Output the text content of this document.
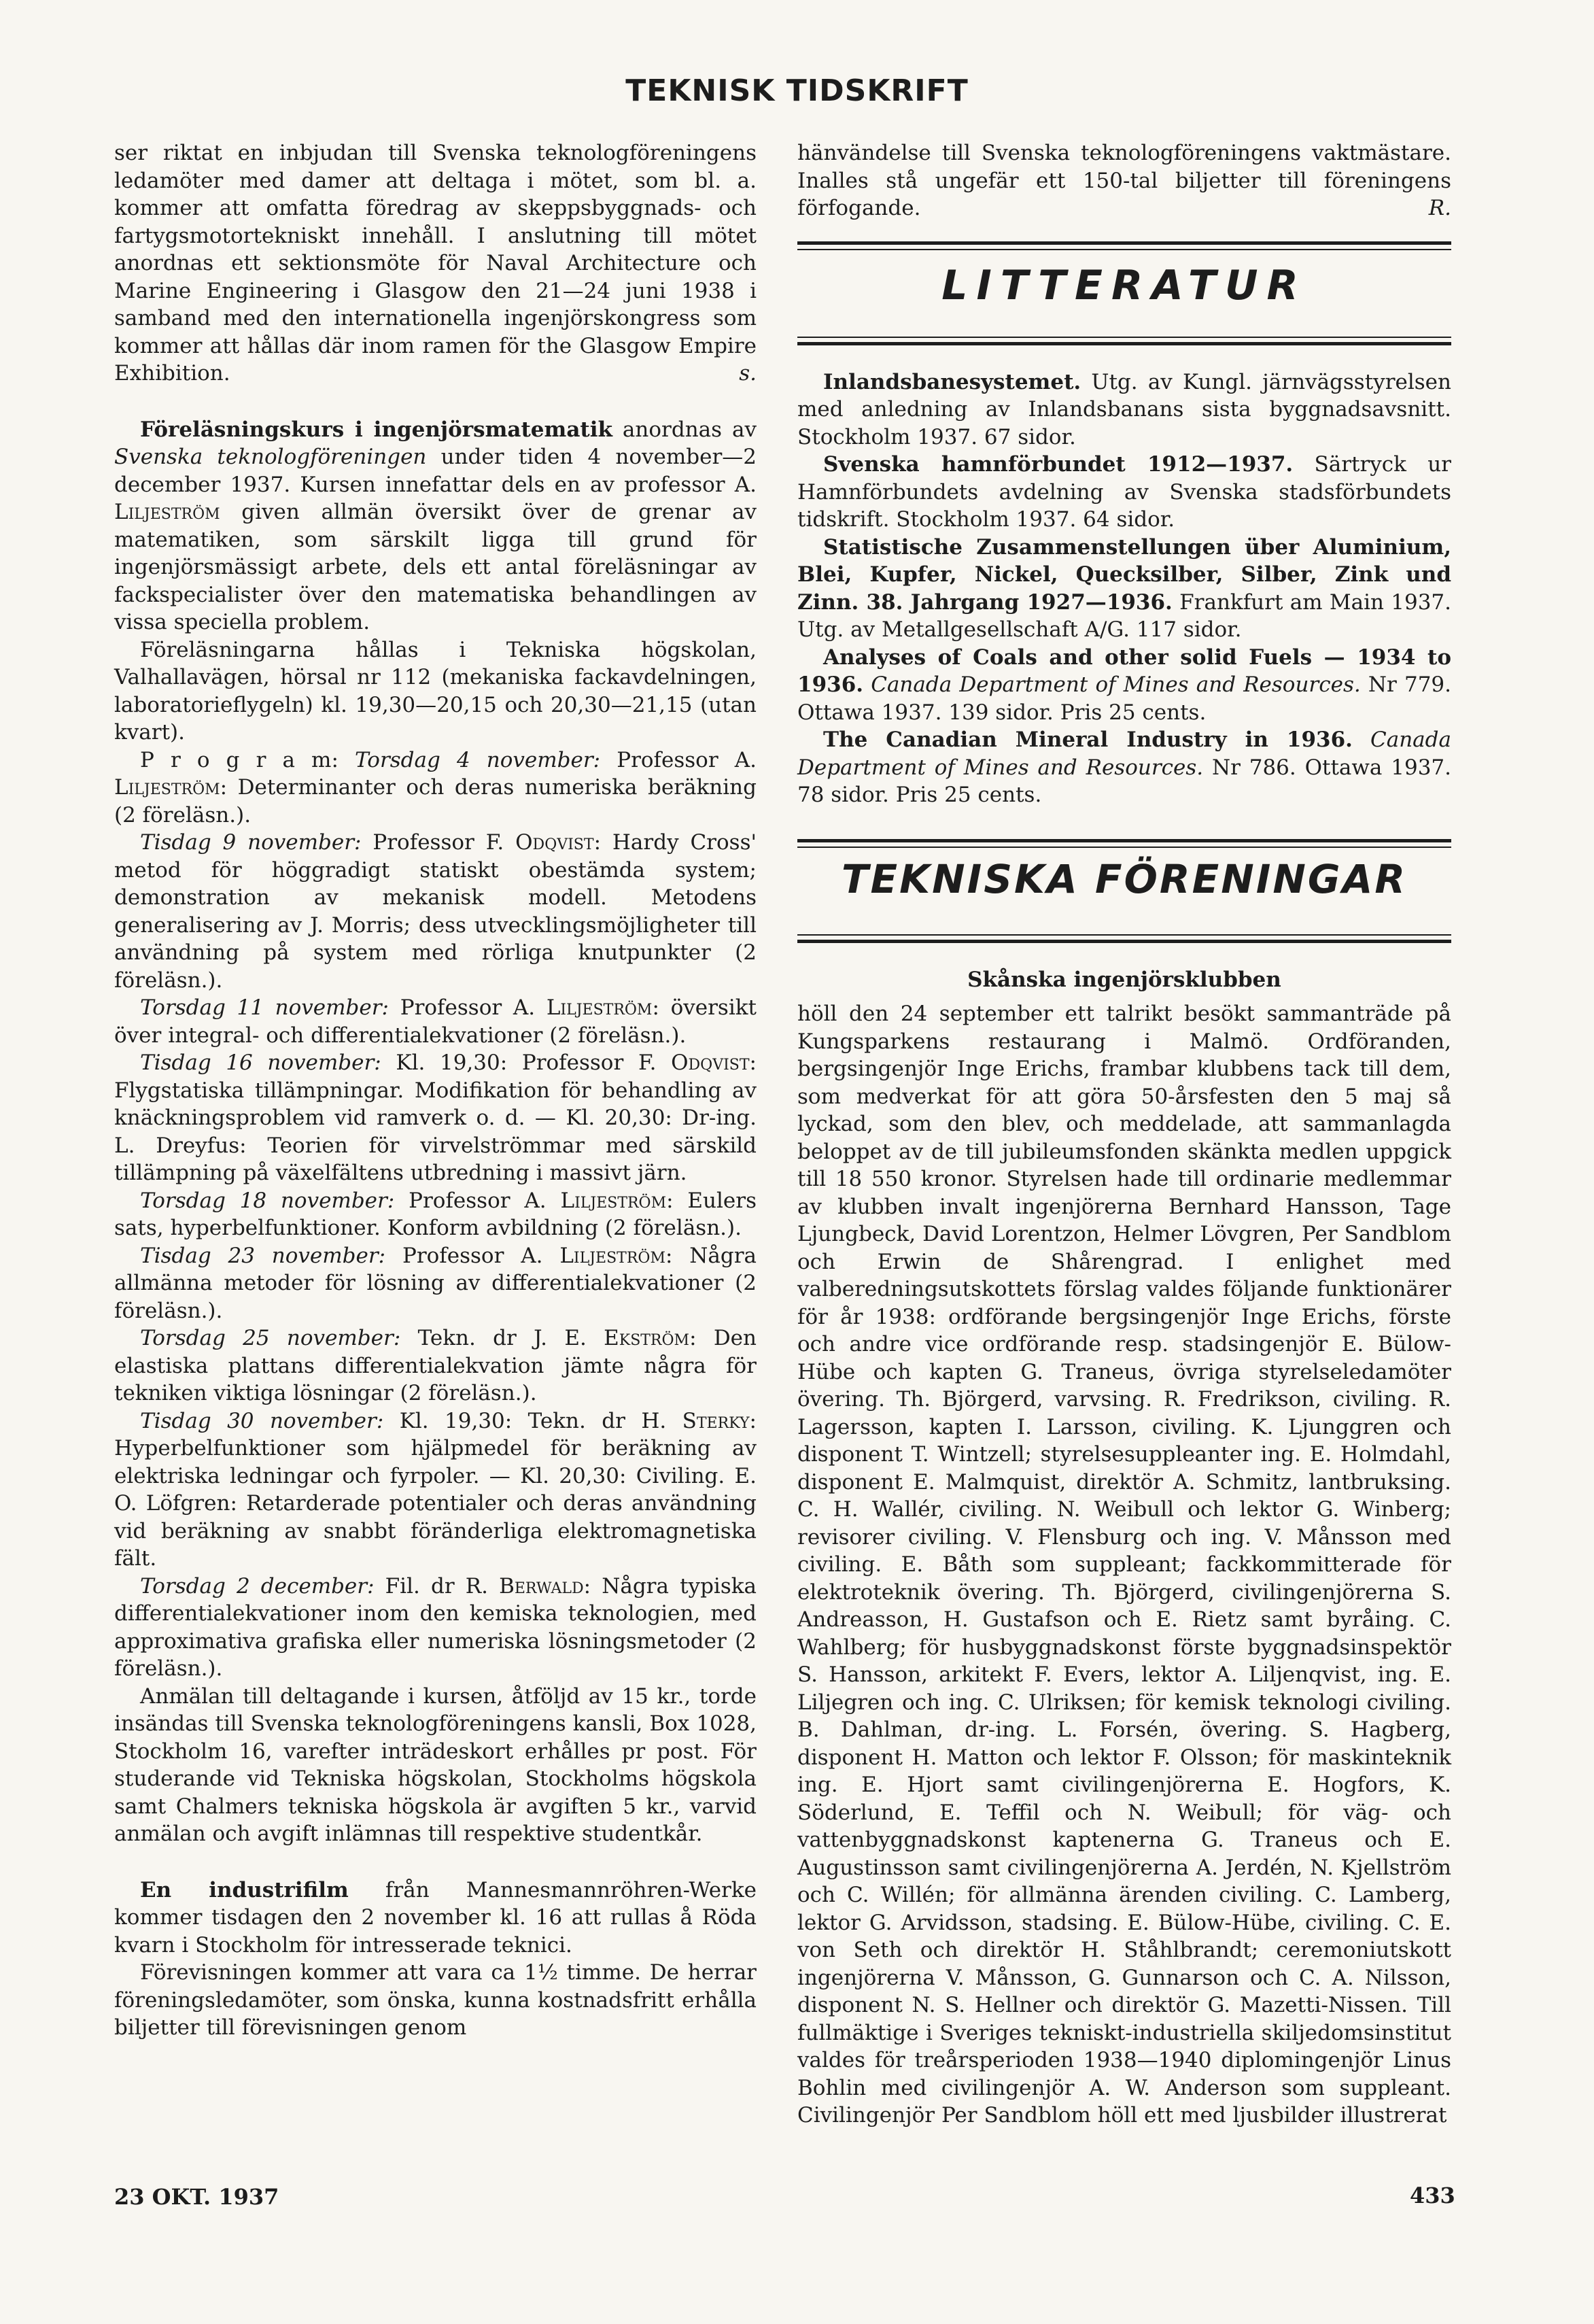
TEKNISK TIDSKRIFT

ser riktat en inbjudan till Svenska teknologföreningens ledamöter med damer att deltaga i mötet, som bl. a. kommer att omfatta föredrag av skeppsbyggnads- och fartygsmotortekniskt innehåll. I anslutning till mötet anordnas ett sektionsmöte för Naval Architecture och Marine Engineering i Glasgow den 21—24 juni 1938 i samband med den internationella ingenjörskongress som kommer att hållas där inom ramen för the Glasgow Empire Exhibition.	s.

Föreläsningskurs i ingenjörsmatematik anordnas av Svenska teknologföreningen under tiden 4 november—2 december 1937. Kursen innefattar dels en av professor A. Liljeström given allmän översikt över de grenar av matematiken, som särskilt ligga till grund för ingenjörsmässigt arbete, dels ett antal föreläsningar av fackspecialister över den matematiska behandlingen av vissa speciella problem.

Föreläsningarna hållas i Tekniska högskolan, Valhallavägen, hörsal nr 112 (mekaniska fackavdelningen, laboratorieflygeln) kl. 19,30—20,15 och 20,30—21,15 (utan kvart).

P r o g r a m: Torsdag 4 november: Professor A. Liljeström: Determinanter och deras numeriska beräkning (2 föreläsn.).

Tisdag 9 november: Professor F. Odqvist: Hardy Cross' metod för höggradigt statiskt obestämda system; demonstration av mekanisk modell. Metodens generalisering av J. Morris; dess utvecklingsmöjligheter till användning på system med rörliga knutpunkter (2 föreläsn.).

Torsdag 11 november: Professor A. Liljeström: översikt över integral- och differentialekvationer (2 föreläsn.).

Tisdag 16 november: Kl. 19,30: Professor F. Odqvist: Flygstatiska tillämpningar. Modifikation för behandling av knäckningsproblem vid ramverk o. d. — Kl. 20,30: Dr-ing. L. Dreyfus: Teorien för virvelströmmar med särskild tillämpning på växelfältens utbredning i massivt järn.

Torsdag 18 november: Professor A. Liljeström: Eulers sats, hyperbelfunktioner. Konform avbildning (2 föreläsn.).

Tisdag 23 november: Professor A. Liljeström: Några allmänna metoder för lösning av differentialekvationer (2 föreläsn.).

Torsdag 25 november: Tekn. dr J. E. Ekström: Den elastiska plattans differentialekvation jämte några för tekniken viktiga lösningar (2 föreläsn.).

Tisdag 30 november: Kl. 19,30: Tekn. dr H. Sterky: Hyperbelfunktioner som hjälpmedel för beräkning av elektriska ledningar och fyrpoler. — Kl. 20,30: Civiling. E. O. Löfgren: Retarderade potentialer och deras användning vid beräkning av snabbt föränderliga elektromagnetiska fält.

Torsdag 2 december: Fil. dr R. Berwald: Några typiska differentialekvationer inom den kemiska teknologien, med approximativa grafiska eller numeriska lösningsmetoder (2 föreläsn.).

Anmälan till deltagande i kursen, åtföljd av 15 kr., torde insändas till Svenska teknologföreningens kansli, Box 1028, Stockholm 16, varefter inträdeskort erhålles pr post. För studerande vid Tekniska högskolan, Stockholms högskola samt Chalmers tekniska högskola är avgiften 5 kr., varvid anmälan och avgift inlämnas till respektive studentkår.

En industrifilm från Mannesmannröhren-Werke kommer tisdagen den 2 november kl. 16 att rullas å Röda kvarn i Stockholm för intresserade teknici.

Förevisningen kommer att vara ca 1½ timme. De herrar föreningsledamöter, som önska, kunna kostnadsfritt erhålla biljetter till förevisningen genom

hänvändelse till Svenska teknologföreningens vaktmästare. Inalles stå ungefär ett 150-tal biljetter till föreningens förfogande.	R.

LITTERATUR

Inlandsbanesystemet. Utg. av Kungl. järnvägsstyrelsen med anledning av Inlandsbanans sista byggnadsavsnitt. Stockholm 1937. 67 sidor.

Svenska hamnförbundet 1912—1937. Särtryck ur Hamnförbundets avdelning av Svenska stadsförbundets tidskrift. Stockholm 1937. 64 sidor.

Statistische Zusammenstellungen über Aluminium, Blei, Kupfer, Nickel, Quecksilber, Silber, Zink und Zinn. 38. Jahrgang 1927—1936. Frankfurt am Main 1937. Utg. av Metallgesellschaft A/G. 117 sidor.

Analyses of Coals and other solid Fuels — 1934 to 1936. Canada Department of Mines and Resources. Nr 779. Ottawa 1937. 139 sidor. Pris 25 cents.

The Canadian Mineral Industry in 1936. Canada Department of Mines and Resources. Nr 786. Ottawa 1937. 78 sidor. Pris 25 cents.

TEKNISKA FÖRENINGAR
Skånska ingenjörsklubben

höll den 24 september ett talrikt besökt sammanträde på Kungsparkens restaurang i Malmö. Ordföranden, bergsingenjör Inge Erichs, frambar klubbens tack till dem, som medverkat för att göra 50-årsfesten den 5 maj så lyckad, som den blev, och meddelade, att sammanlagda beloppet av de till jubileumsfonden skänkta medlen uppgick till 18 550 kronor. Styrelsen hade till ordinarie medlemmar av klubben invalt ingenjörerna Bernhard Hansson, Tage Ljungbeck, David Lorentzon, Helmer Lövgren, Per Sandblom och Erwin de Shårengrad. I enlighet med valberedningsutskottets förslag valdes följande funktionärer för år 1938: ordförande bergsingenjör Inge Erichs, förste och andre vice ordförande resp. stadsingenjör E. Bülow-Hübe och kapten G. Traneus, övriga styrelseledamöter övering. Th. Björgerd, varvsing. R. Fredrikson, civiling. R. Lagersson, kapten I. Larsson, civiling. K. Ljunggren och disponent T. Wintzell; styrelsesuppleanter ing. E. Holmdahl, disponent E. Malmquist, direktör A. Schmitz, lantbruksing. C. H. Wallér, civiling. N. Weibull och lektor G. Winberg; revisorer civiling. V. Flensburg och ing. V. Månsson med civiling. E. Båth som suppleant; fackkommitterade för elektroteknik övering. Th. Björgerd, civilingenjörerna S. Andreasson, H. Gustafson och E. Rietz samt byråing. C. Wahlberg; för husbyggnadskonst förste byggnadsinspektör S. Hansson, arkitekt F. Evers, lektor A. Liljenqvist, ing. E. Liljegren och ing. C. Ulriksen; för kemisk teknologi civiling. B. Dahlman, dr-ing. L. Forsén, övering. S. Hagberg, disponent H. Matton och lektor F. Olsson; för maskinteknik ing. E. Hjort samt civilingenjörerna E. Hogfors, K. Söderlund, E. Teffil och N. Weibull; för väg- och vattenbyggnadskonst kaptenerna G. Traneus och E. Augustinsson samt civilingenjörerna A. Jerdén, N. Kjellström och C. Willén; för allmänna ärenden civiling. C. Lamberg, lektor G. Arvidsson, stadsing. E. Bülow-Hübe, civiling. C. E. von Seth och direktör H. Ståhlbrandt; ceremoniutskott ingenjörerna V. Månsson, G. Gunnarson och C. A. Nilsson, disponent N. S. Hellner och direktör G. Mazetti-Nissen. Till fullmäktige i Sveriges tekniskt-industriella skiljedomsinstitut valdes för treårsperioden 1938—1940 diplomingenjör Linus Bohlin med civilingenjör A. W. Anderson som suppleant. Civilingenjör Per Sandblom höll ett med ljusbilder illustrerat

23 OKT. 1937	433
